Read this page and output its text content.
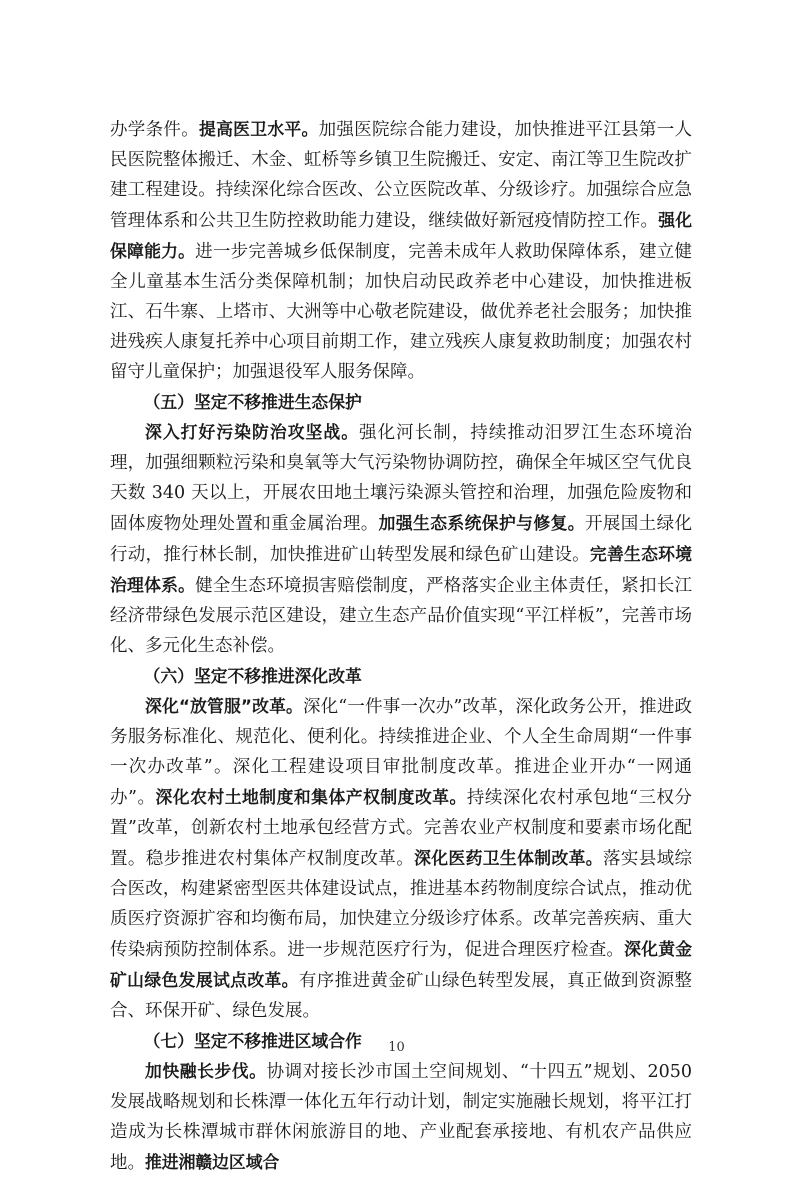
办学条件。提高医卫水平。加强医院综合能力建设，加快推进平江县第一人民医院整体搬迁、木金、虹桥等乡镇卫生院搬迁、安定、南江等卫生院改扩建工程建设。持续深化综合医改、公立医院改革、分级诊疗。加强综合应急管理体系和公共卫生防控救助能力建设，继续做好新冠疫情防控工作。强化保障能力。进一步完善城乡低保制度，完善未成年人救助保障体系，建立健全儿童基本生活分类保障机制；加快启动民政养老中心建设，加快推进板江、石牛寨、上塔市、大洲等中心敬老院建设，做优养老社会服务；加快推进残疾人康复托养中心项目前期工作，建立残疾人康复救助制度；加强农村留守儿童保护；加强退役军人服务保障。

（五）坚定不移推进生态保护

深入打好污染防治攻坚战。强化河长制，持续推动汨罗江生态环境治理，加强细颗粒污染和臭氧等大气污染物协调防控，确保全年城区空气优良天数 340 天以上，开展农田地土壤污染源头管控和治理，加强危险废物和固体废物处理处置和重金属治理。加强生态系统保护与修复。开展国土绿化行动，推行林长制，加快推进矿山转型发展和绿色矿山建设。完善生态环境治理体系。健全生态环境损害赔偿制度，严格落实企业主体责任，紧扣长江经济带绿色发展示范区建设，建立生态产品价值实现“平江样板”，完善市场化、多元化生态补偿。

（六）坚定不移推进深化改革

深化“放管服”改革。深化“一件事一次办”改革，深化政务公开，推进政务服务标准化、规范化、便利化。持续推进企业、个人全生命周期“一件事一次办改革”。深化工程建设项目审批制度改革。推进企业开办“一网通办”。深化农村土地制度和集体产权制度改革。持续深化农村承包地“三权分置”改革，创新农村土地承包经营方式。完善农业产权制度和要素市场化配置。稳步推进农村集体产权制度改革。深化医药卫生体制改革。落实县域综合医改，构建紧密型医共体建设试点，推进基本药物制度综合试点，推动优质医疗资源扩容和均衡布局，加快建立分级诊疗体系。改革完善疾病、重大传染病预防控制体系。进一步规范医疗行为，促进合理医疗检查。深化黄金矿山绿色发展试点改革。有序推进黄金矿山绿色转型发展，真正做到资源整合、环保开矿、绿色发展。

（七）坚定不移推进区域合作

加快融长步伐。协调对接长沙市国土空间规划、“十四五”规划、2050 发展战略规划和长株潭一体化五年行动计划，制定实施融长规划，将平江打造成为长株潭城市群休闲旅游目的地、产业配套承接地、有机农产品供应地。推进湘赣边区域合

10
